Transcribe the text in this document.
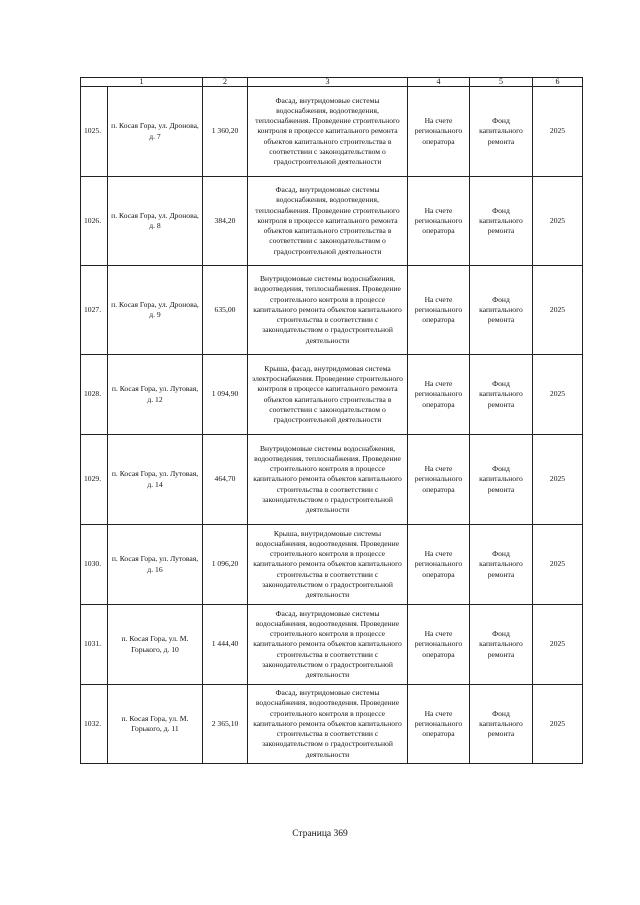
1		2	3	4	5	6
1025.	п. Косая Гора, ул. Дронова, д. 7	1 360,20	Фасад, внутридомовые системы водоснабжения, водоотведения, теплоснабжения. Проведение строительного контроля в процессе капитального ремонта объектов капитального строительства в соответствии с законодательством о градостроительной деятельности	На счете регионального оператора	Фонд капитального ремонта	2025
1026.	п. Косая Гора, ул. Дронова, д. 8	384,20	Фасад, внутридомовые системы водоснабжения, водоотведения, теплоснабжения. Проведение строительного контроля в процессе капитального ремонта объектов капитального строительства в соответствии с законодательством о градостроительной деятельности	На счете регионального оператора	Фонд капитального ремонта	2025
1027.	п. Косая Гора, ул. Дронова, д. 9	635,00	Внутридомовые системы водоснабжения, водоотведения, теплоснабжения. Проведение строительного контроля в процессе капитального ремонта объектов капитального строительства в соответствии с законодательством о градостроительной деятельности	На счете регионального оператора	Фонд капитального ремонта	2025
1028.	п. Косая Гора, ул. Лутовая, д. 12	1 094,90	Крыша, фасад, внутридомовая система электроснабжения. Проведение строительного контроля в процессе капитального ремонта объектов капитального строительства в соответствии с законодательством о градостроительной деятельности	На счете регионального оператора	Фонд капитального ремонта	2025
1029.	п. Косая Гора, ул. Лутовая, д. 14	464,70	Внутридомовые системы водоснабжения, водоотведения, теплоснабжения. Проведение строительного контроля в процессе капитального ремонта объектов капитального строительства в соответствии с законодательством о градостроительной деятельности	На счете регионального оператора	Фонд капитального ремонта	2025
1030.	п. Косая Гора, ул. Лутовая, д. 16	1 096,20	Крыша, внутридомовые системы водоснабжения, водоотведения. Проведение строительного контроля в процессе капитального ремонта объектов капитального строительства в соответствии с законодательством о градостроительной деятельности	На счете регионального оператора	Фонд капитального ремонта	2025
1031.	п. Косая Гора, ул. М. Горького, д. 10	1 444,40	Фасад, внутридомовые системы водоснабжения, водоотведения. Проведение строительного контроля в процессе капитального ремонта объектов капитального строительства в соответствии с законодательством о градостроительной деятельности	На счете регионального оператора	Фонд капитального ремонта	2025
1032.	п. Косая Гора, ул. М. Горького, д. 11	2 365,10	Фасад, внутридомовые системы водоснабжения, водоотведения. Проведение строительного контроля в процессе капитального ремонта объектов капитального строительства в соответствии с законодательством о градостроительной деятельности	На счете регионального оператора	Фонд капитального ремонта	2025
Страница 369
